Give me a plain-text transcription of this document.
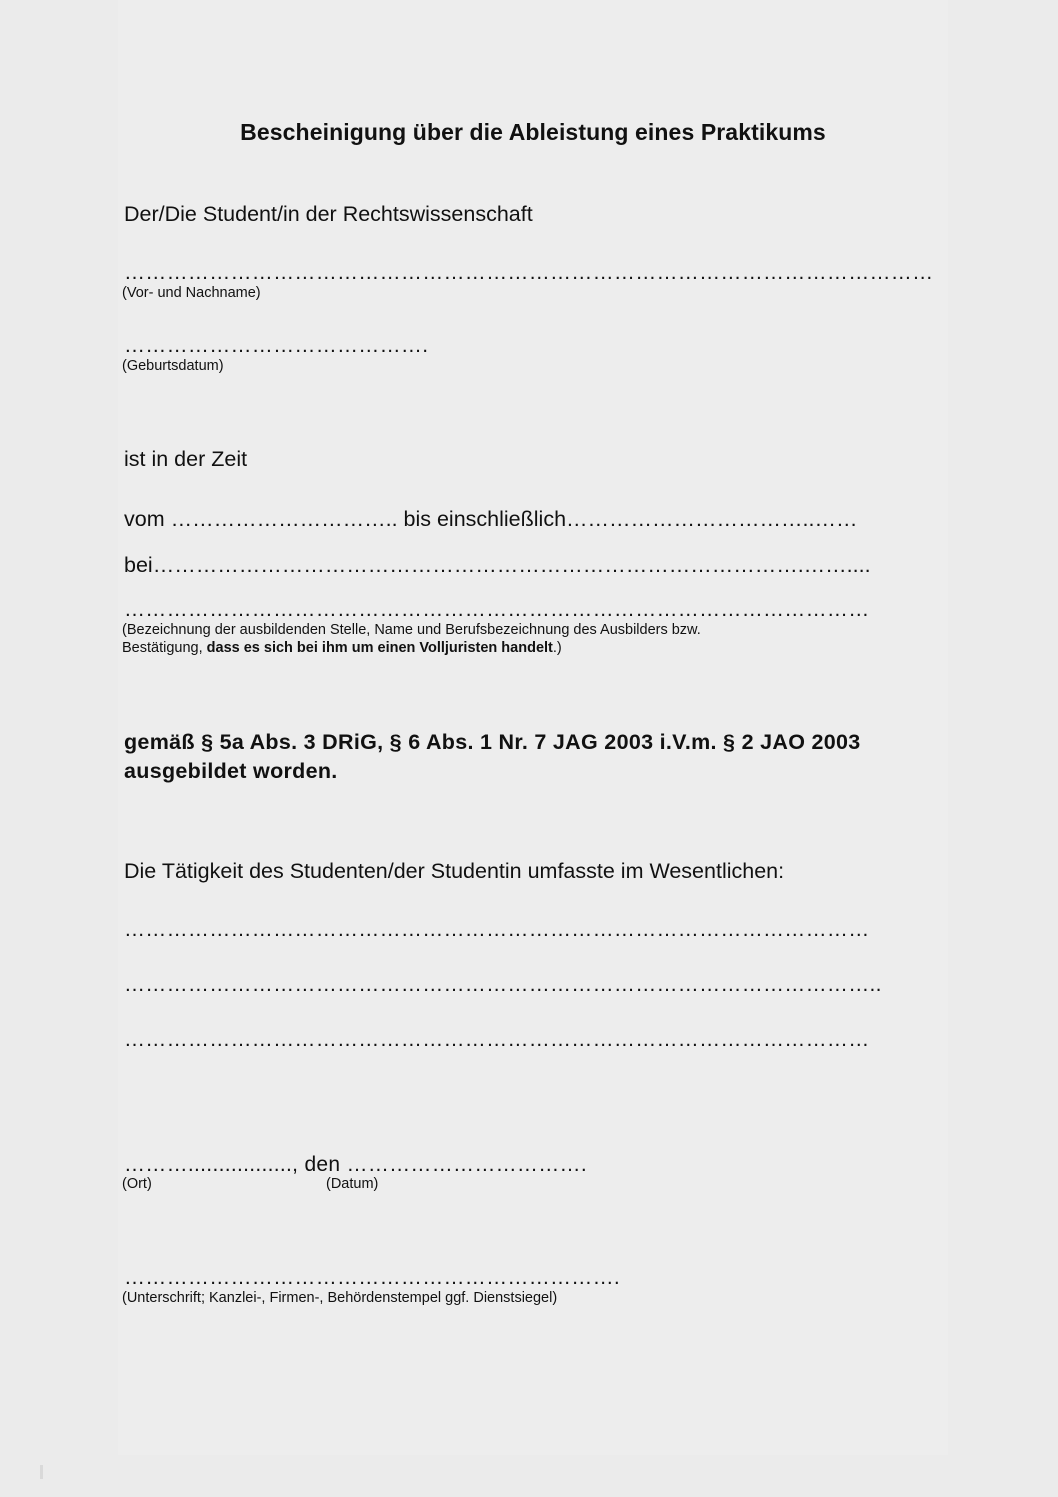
Bescheinigung über die Ableistung eines Praktikums

Der/Die Student/in der Rechtswissenschaft

……………………………………………………………………………………………………

(Vor- und Nachname)

…………………………………….

(Geburtsdatum)

ist in der Zeit

vom ………………………….. bis einschließlich……………………………..……
bei……………………………………………………………………………….……....
……………………………………………………………………………………………

(Bezeichnung der ausbildenden Stelle, Name und Berufsbezeichnung des Ausbilders bzw.

Bestätigung, dass es sich bei ihm um einen Volljuristen handelt.)

gemäß § 5a Abs. 3 DRiG, § 6 Abs. 1 Nr. 7 JAG 2003 i.V.m. § 2 JAO 2003 ausgebildet worden.

Die Tätigkeit des Studenten/der Studentin umfasste im Wesentlichen:

……………………………………………………………………………………………
……………………………………………………………………………………………..
……………………………………………………………………………………………
………................., den …………………………….
(Ort)	(Datum)
…………………………………………………………….

(Unterschrift; Kanzlei-, Firmen-, Behördenstempel ggf. Dienstsiegel)
